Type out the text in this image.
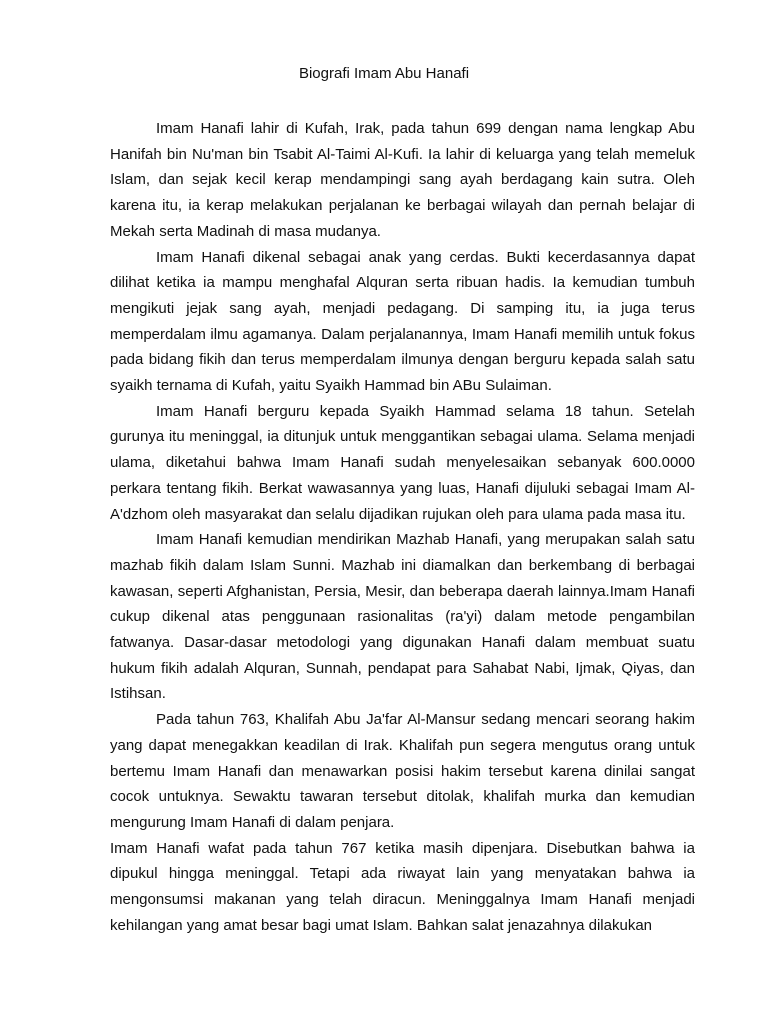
Biografi Imam Abu Hanafi

Imam Hanafi lahir di Kufah, Irak, pada tahun 699 dengan nama lengkap Abu Hanifah bin Nu'man bin Tsabit Al-Taimi Al-Kufi. Ia lahir di keluarga yang telah memeluk Islam, dan sejak kecil kerap mendampingi sang ayah berdagang kain sutra. Oleh karena itu, ia kerap melakukan perjalanan ke berbagai wilayah dan pernah belajar di Mekah serta Madinah di masa mudanya.

Imam Hanafi dikenal sebagai anak yang cerdas. Bukti kecerdasannya dapat dilihat ketika ia mampu menghafal Alquran serta ribuan hadis. Ia kemudian tumbuh mengikuti jejak sang ayah, menjadi pedagang. Di samping itu, ia juga terus memperdalam ilmu agamanya. Dalam perjalanannya, Imam Hanafi memilih untuk fokus pada bidang fikih dan terus memperdalam ilmunya dengan berguru kepada salah satu syaikh ternama di Kufah, yaitu Syaikh Hammad bin ABu Sulaiman.

Imam Hanafi berguru kepada Syaikh Hammad selama 18 tahun. Setelah gurunya itu meninggal, ia ditunjuk untuk menggantikan sebagai ulama. Selama menjadi ulama, diketahui bahwa Imam Hanafi sudah menyelesaikan sebanyak 600.0000 perkara tentang fikih. Berkat wawasannya yang luas, Hanafi dijuluki sebagai Imam Al-A'dzhom oleh masyarakat dan selalu dijadikan rujukan oleh para ulama pada masa itu.

Imam Hanafi kemudian mendirikan Mazhab Hanafi, yang merupakan salah satu mazhab fikih dalam Islam Sunni. Mazhab ini diamalkan dan berkembang di berbagai kawasan, seperti Afghanistan, Persia, Mesir, dan beberapa daerah lainnya.Imam Hanafi cukup dikenal atas penggunaan rasionalitas (ra'yi) dalam metode pengambilan fatwanya. Dasar-dasar metodologi yang digunakan Hanafi dalam membuat suatu hukum fikih adalah Alquran, Sunnah, pendapat para Sahabat Nabi, Ijmak, Qiyas, dan Istihsan.

Pada tahun 763, Khalifah Abu Ja'far Al-Mansur sedang mencari seorang hakim yang dapat menegakkan keadilan di Irak. Khalifah pun segera mengutus orang untuk bertemu Imam Hanafi dan menawarkan posisi hakim tersebut karena dinilai sangat cocok untuknya. Sewaktu tawaran tersebut ditolak, khalifah murka dan kemudian mengurung Imam Hanafi di dalam penjara.

Imam Hanafi wafat pada tahun 767 ketika masih dipenjara. Disebutkan bahwa ia dipukul hingga meninggal. Tetapi ada riwayat lain yang menyatakan bahwa ia mengonsumsi makanan yang telah diracun. Meninggalnya Imam Hanafi menjadi kehilangan yang amat besar bagi umat Islam. Bahkan salat jenazahnya dilakukan
